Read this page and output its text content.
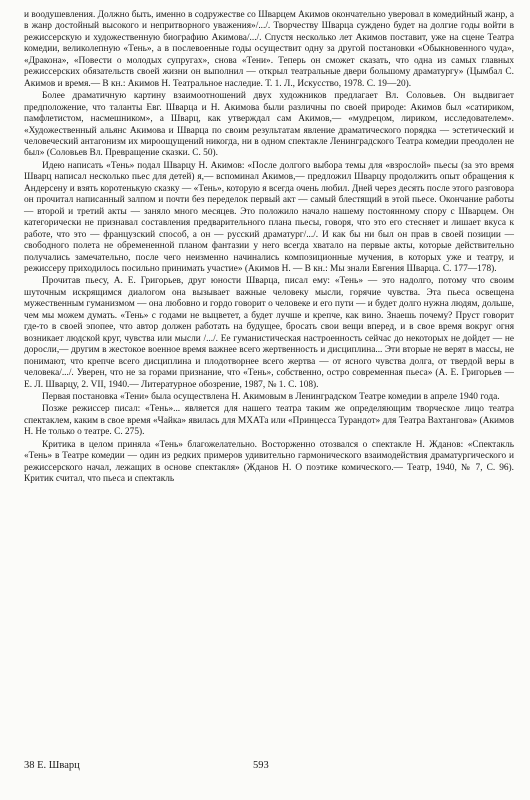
и воодушевления. Должно быть, именно в содружестве со Шварцем Акимов окончательно уверовал в комедийный жанр, а в жанр достойный высокого и непритворного уважения»/.../. Творчеству Шварца суждено будет на долгие годы войти в режиссерскую и художественную биографию Акимова/.../. Спустя несколько лет Акимов поставит, уже на сцене Театра комедии, великолепную «Тень», а в послевоенные годы осуществит одну за другой постановки «Обыкновенного чуда», «Дракона», «Повести о молодых супругах», снова «Тени». Теперь он сможет сказать, что одна из самых главных режиссерских обязательств своей жизни он выполнил — открыл театральные двери большому драматургу» (Цымбал С. Акимов и время.— В кн.: Акимов Н. Театральное наследие. Т. 1. Л., Искусство, 1978. С. 19—20).

Более драматичную картину взаимоотношений двух художников предлагает Вл. Соловьев. Он выдвигает предположение, что таланты Евг. Шварца и Н. Акимова были различны по своей природе: Акимов был «сатириком, памфлетистом, насмешником», а Шварц, как утверждал сам Акимов,— «мудрецом, лириком, исследователем». «Художественный альянс Акимова и Шварца по своим результатам явление драматического порядка — эстетический и человеческий антагонизм их мироощущений никогда, ни в одном спектакле Ленинградского Театра комедии преодолен не был» (Соловьев Вл. Превращение сказки. С. 50).

Идею написать «Тень» подал Шварцу Н. Акимов: «После долгого выбора темы для «взрослой» пьесы (за это время Шварц написал несколько пьес для детей) я,— вспоминал Акимов,— предложил Шварцу продолжить опыт обращения к Андерсену и взять коротенькую сказку — «Тень», которую я всегда очень любил. Дней через десять после этого разговора он прочитал написанный залпом и почти без переделок первый акт — самый блестящий в этой пьесе. Окончание работы — второй и третий акты — заняло много месяцев. Это положило начало нашему постоянному спору с Шварцем. Он категорически не признавал составления предварительного плана пьесы, говоря, что это его стесняет и лишает вкуса к работе, что это — французский способ, а он — русский драматург/.../. И как бы ни был он прав в своей позиции — свободного полета не обремененной планом фантазии у него всегда хватало на первые акты, которые действительно получались замечательно, после чего неизменно начинались композиционные мучения, в которых уже и театру, и режиссеру приходилось посильно принимать участие» (Акимов Н. — В кн.: Мы знали Евгения Шварца. С. 177—178).

Прочитав пьесу, А. Е. Григорьев, друг юности Шварца, писал ему: «Тень» — это надолго, потому что своим шуточным искрящимся диалогом она вызывает важные человеку мысли, горячие чувства. Эта пьеса освещена мужественным гуманизмом — она любовно и гордо говорит о человеке и его пути — и будет долго нужна людям, дольше, чем мы можем думать. «Тень» с годами не выцветет, а будет лучше и крепче, как вино. Знаешь почему? Пруст говорит где-то в своей эпопее, что автор должен работать на будущее, бросать свои вещи вперед, и в свое время вокруг огня возникает людской круг, чувства или мысли /.../. Ее гуманистическая настроенность сейчас до некоторых не дойдет — не доросли,— другим в жестокое военное время важнее всего жертвенность и дисциплина... Эти вторые не верят в массы, не понимают, что крепче всего дисциплина и плодотворнее всего жертва — от ясного чувства долга, от твердой веры в человека/.../. Уверен, что не за горами признание, что «Тень», собственно, остро современная пьеса» (А. Е. Григорьев — Е. Л. Шварцу, 2. VII, 1940.— Литературное обозрение, 1987, № 1. С. 108).

Первая постановка «Тени» была осуществлена Н. Акимовым в Ленинградском Театре комедии в апреле 1940 года.

Позже режиссер писал: «Тень»... является для нашего театра таким же определяющим творческое лицо театра спектаклем, каким в свое время «Чайка» явилась для МХАТа или «Принцесса Турандот» для Театра Вахтангова» (Акимов Н. Не только о театре. С. 275).

Критика в целом приняла «Тень» благожелательно. Восторженно отозвался о спектакле Н. Жданов: «Спектакль «Тень» в Театре комедии — один из редких примеров удивительно гармонического взаимодействия драматургического и режиссерского начал, лежащих в основе спектакля» (Жданов Н. О поэтике комического.— Театр, 1940, № 7, С. 96). Критик считал, что пьеса и спектакль

38 Е. Шварц	593
